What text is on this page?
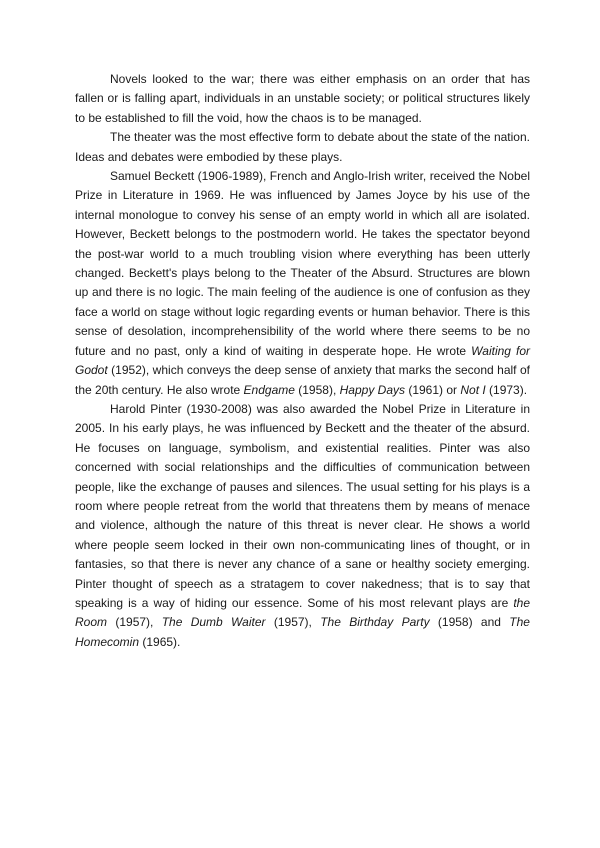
Novels looked to the war; there was either emphasis on an order that has fallen or is falling apart, individuals in an unstable society; or political structures likely to be established to fill the void, how the chaos is to be managed.

The theater was the most effective form to debate about the state of the nation. Ideas and debates were embodied by these plays.

Samuel Beckett (1906-1989), French and Anglo-Irish writer, received the Nobel Prize in Literature in 1969. He was influenced by James Joyce by his use of the internal monologue to convey his sense of an empty world in which all are isolated. However, Beckett belongs to the postmodern world. He takes the spectator beyond the post-war world to a much troubling vision where everything has been utterly changed. Beckett's plays belong to the Theater of the Absurd. Structures are blown up and there is no logic. The main feeling of the audience is one of confusion as they face a world on stage without logic regarding events or human behavior. There is this sense of desolation, incomprehensibility of the world where there seems to be no future and no past, only a kind of waiting in desperate hope. He wrote Waiting for Godot (1952), which conveys the deep sense of anxiety that marks the second half of the 20th century. He also wrote Endgame (1958), Happy Days (1961) or Not I (1973).

Harold Pinter (1930-2008) was also awarded the Nobel Prize in Literature in 2005. In his early plays, he was influenced by Beckett and the theater of the absurd. He focuses on language, symbolism, and existential realities. Pinter was also concerned with social relationships and the difficulties of communication between people, like the exchange of pauses and silences. The usual setting for his plays is a room where people retreat from the world that threatens them by means of menace and violence, although the nature of this threat is never clear. He shows a world where people seem locked in their own non-communicating lines of thought, or in fantasies, so that there is never any chance of a sane or healthy society emerging. Pinter thought of speech as a stratagem to cover nakedness; that is to say that speaking is a way of hiding our essence. Some of his most relevant plays are the Room (1957), The Dumb Waiter (1957), The Birthday Party (1958) and The Homecomin (1965).
